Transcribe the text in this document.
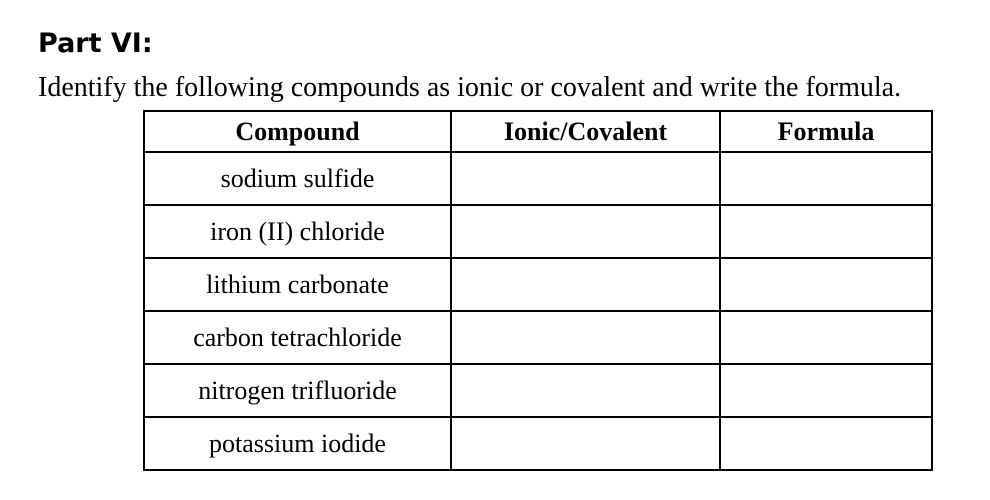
Part VI:

Identify the following compounds as ionic or covalent and write the formula.

Compound	Ionic/Covalent	Formula
sodium sulfide		
iron (II) chloride		
lithium carbonate		
carbon tetrachloride		
nitrogen trifluoride		
potassium iodide		
